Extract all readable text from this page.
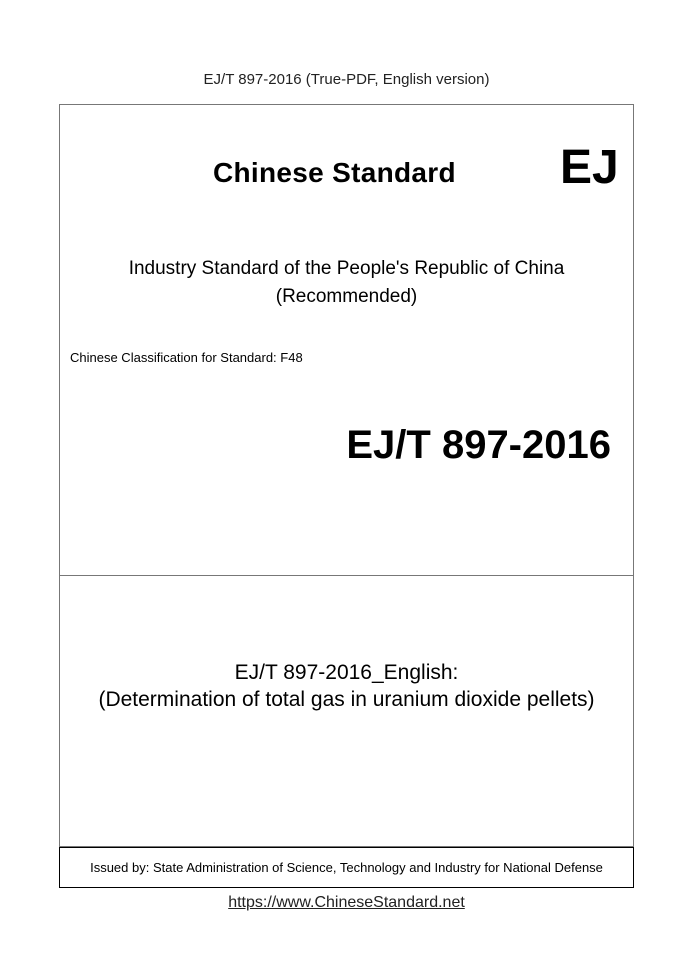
EJ/T 897-2016 (True-PDF, English version)
Issued by: State Administration of Science, Technology and Industry for National Defense
Chinese Standard EJ
Industry Standard of the People's Republic of China
(Recommended)
Chinese Classification for Standard: F48
EJ/T 897-2016
EJ/T 897-2016_English:
(Determination of total gas in uranium dioxide pellets)
https://www.ChineseStandard.net
